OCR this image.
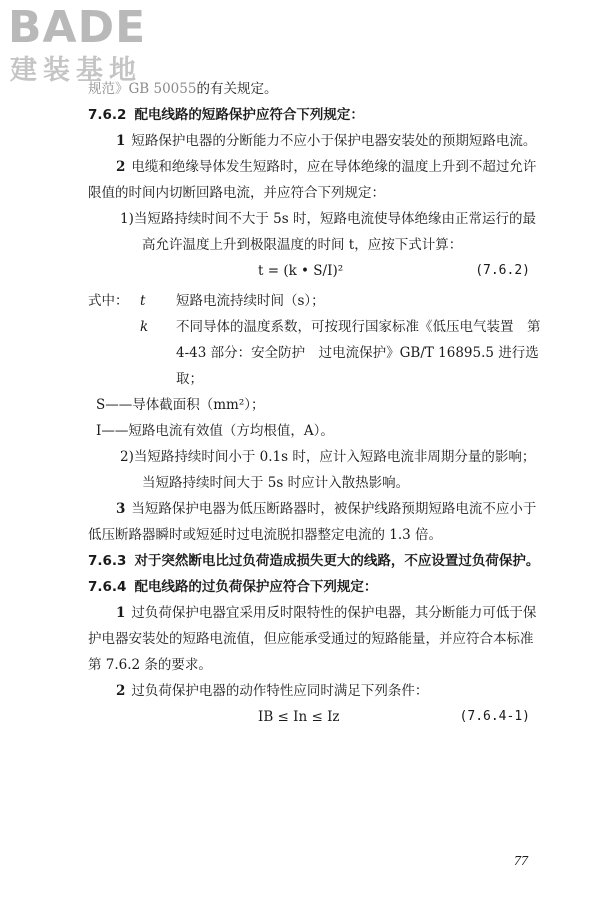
BADE
建装基地

规范》GB 50055的有关规定。

7.6.2 配电线路的短路保护应符合下列规定：

1 短路保护电器的分断能力不应小于保护电器安装处的预期短路电流。

2 电缆和绝缘导体发生短路时，应在导体绝缘的温度上升到不超过允许限值的时间内切断回路电流，并应符合下列规定：

1)当短路持续时间不大于 5s 时，短路电流使导体绝缘由正常运行的最高允许温度上升到极限温度的时间 t，应按下式计算：

t = (k • S/I)²	(7.6.2)
式中： t	短路电流持续时间（s）；
k	不同导体的温度系数，可按现行国家标准《低压电气装置　第 4-43 部分：安全防护　过电流保护》GB/T 16895.5 进行选取；

S——导体截面积（mm²）；

I——短路电流有效值（方均根值，A）。

2)当短路持续时间小于 0.1s 时，应计入短路电流非周期分量的影响；当短路持续时间大于 5s 时应计入散热影响。

3 当短路保护电器为低压断路器时，被保护线路预期短路电流不应小于低压断路器瞬时或短延时过电流脱扣器整定电流的 1.3 倍。

7.6.3 对于突然断电比过负荷造成损失更大的线路，不应设置过负荷保护。

7.6.4 配电线路的过负荷保护应符合下列规定：

1 过负荷保护电器宜采用反时限特性的保护电器，其分断能力可低于保护电器安装处的短路电流值，但应能承受通过的短路能量，并应符合本标准第 7.6.2 条的要求。

2 过负荷保护电器的动作特性应同时满足下列条件：

IB ≤ In ≤ Iz	(7.6.4-1)
77
